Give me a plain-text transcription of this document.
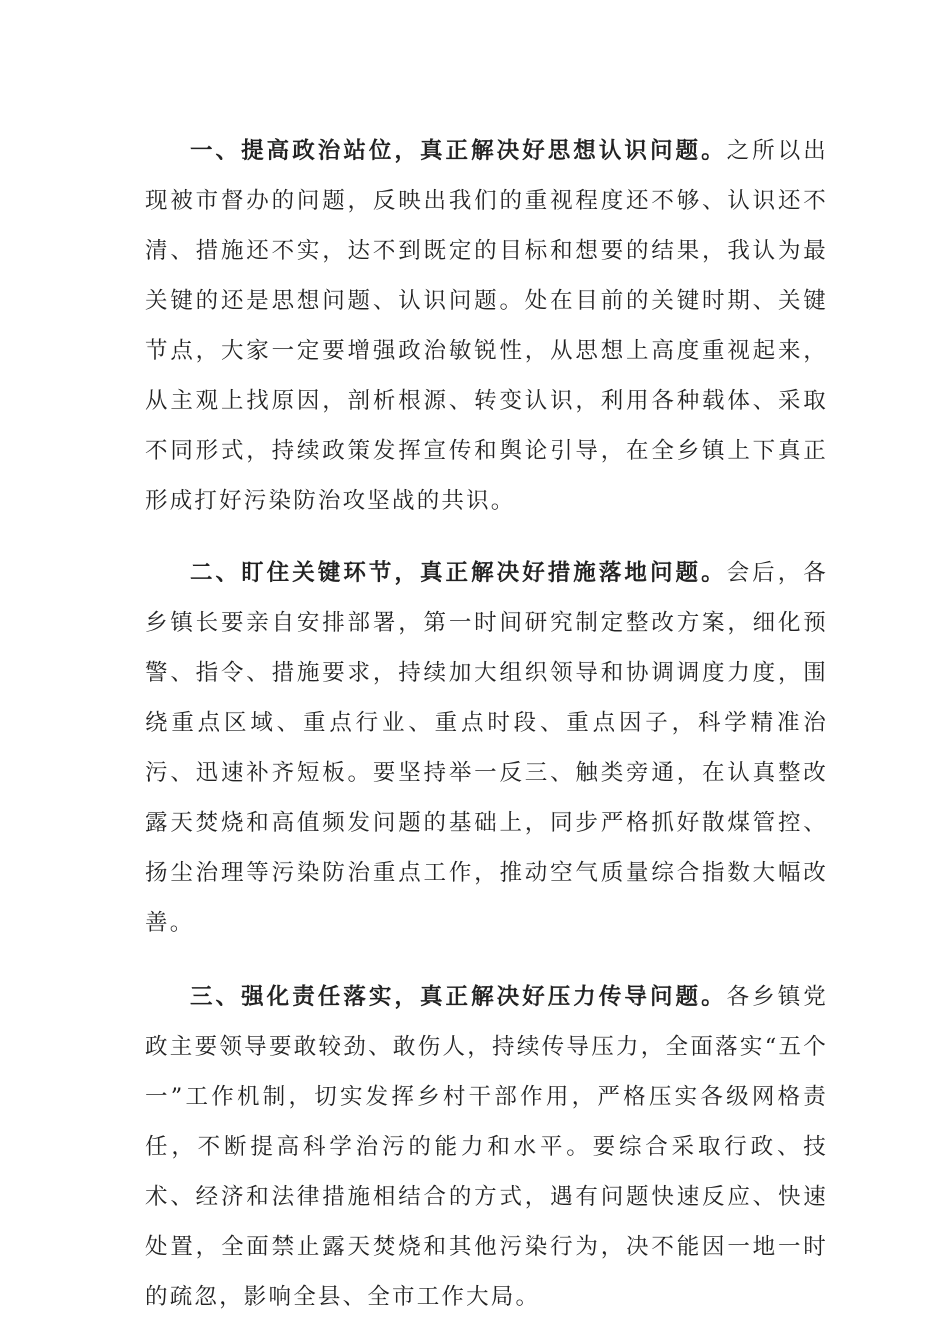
一、提高政治站位，真正解决好思想认识问题。之所以出现被市督办的问题，反映出我们的重视程度还不够、认识还不清、措施还不实，达不到既定的目标和想要的结果，我认为最关键的还是思想问题、认识问题。处在目前的关键时期、关键节点，大家一定要增强政治敏锐性，从思想上高度重视起来，从主观上找原因，剖析根源、转变认识，利用各种载体、采取不同形式，持续政策发挥宣传和舆论引导，在全乡镇上下真正形成打好污染防治攻坚战的共识。

二、盯住关键环节，真正解决好措施落地问题。会后，各乡镇长要亲自安排部署，第一时间研究制定整改方案，细化预警、指令、措施要求，持续加大组织领导和协调调度力度，围绕重点区域、重点行业、重点时段、重点因子，科学精准治污、迅速补齐短板。要坚持举一反三、触类旁通，在认真整改露天焚烧和高值频发问题的基础上，同步严格抓好散煤管控、扬尘治理等污染防治重点工作，推动空气质量综合指数大幅改善。

三、强化责任落实，真正解决好压力传导问题。各乡镇党政主要领导要敢较劲、敢伤人，持续传导压力，全面落实“五个一”工作机制，切实发挥乡村干部作用，严格压实各级网格责任，不断提高科学治污的能力和水平。要综合采取行政、技术、经济和法律措施相结合的方式，遇有问题快速反应、快速处置，全面禁止露天焚烧和其他污染行为，决不能因一地一时的疏忽，影响全县、全市工作大局。
